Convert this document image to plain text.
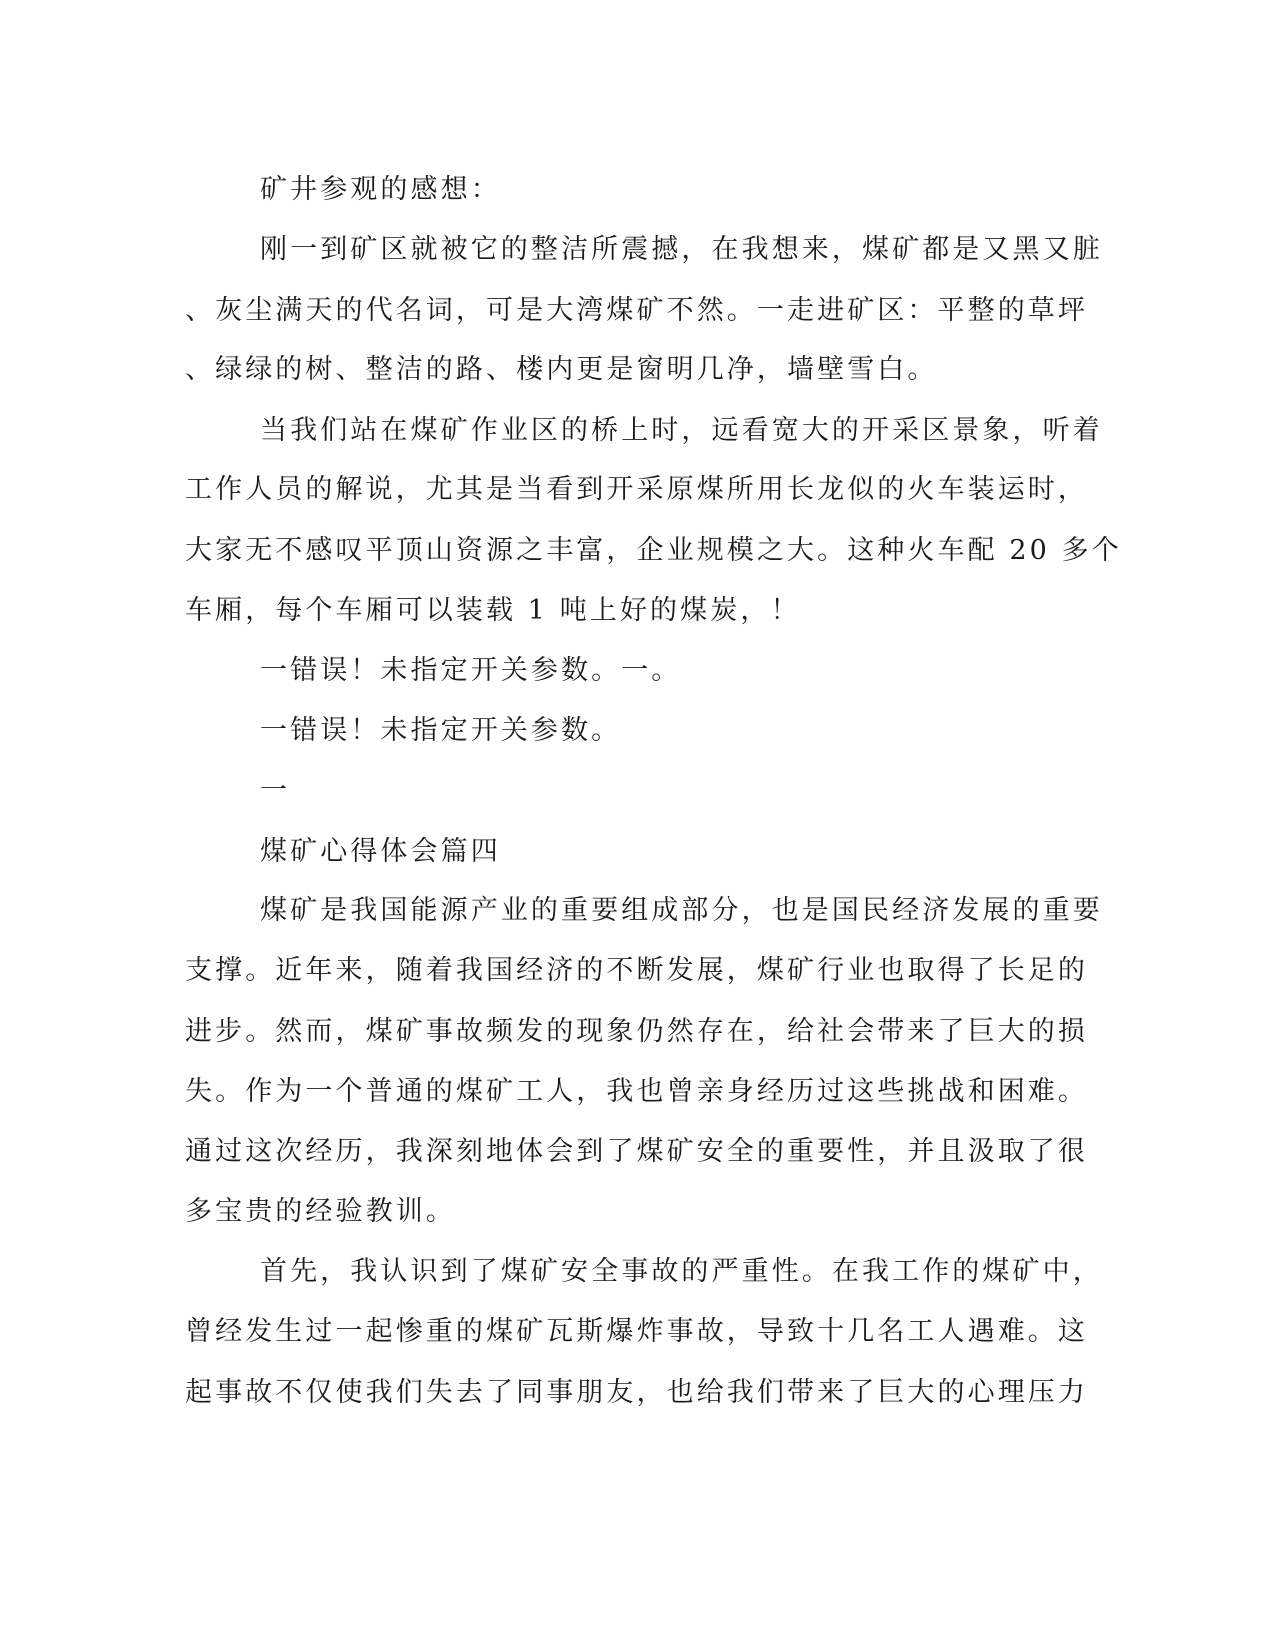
矿井参观的感想：
刚一到矿区就被它的整洁所震撼，在我想来，煤矿都是又黑又脏
、灰尘满天的代名词，可是大湾煤矿不然。一走进矿区：平整的草坪
、绿绿的树、整洁的路、楼内更是窗明几净，墙壁雪白。
当我们站在煤矿作业区的桥上时，远看宽大的开采区景象，听着
工作人员的解说，尤其是当看到开采原煤所用长龙似的火车装运时，
大家无不感叹平顶山资源之丰富，企业规模之大。这种火车配 20 多个
车厢，每个车厢可以装载 1 吨上好的煤炭，！
一错误！未指定开关参数。一。
一错误！未指定开关参数。
一
煤矿心得体会篇四
煤矿是我国能源产业的重要组成部分，也是国民经济发展的重要
支撑。近年来，随着我国经济的不断发展，煤矿行业也取得了长足的
进步。然而，煤矿事故频发的现象仍然存在，给社会带来了巨大的损
失。作为一个普通的煤矿工人，我也曾亲身经历过这些挑战和困难。
通过这次经历，我深刻地体会到了煤矿安全的重要性，并且汲取了很
多宝贵的经验教训。
首先，我认识到了煤矿安全事故的严重性。在我工作的煤矿中，
曾经发生过一起惨重的煤矿瓦斯爆炸事故，导致十几名工人遇难。这
起事故不仅使我们失去了同事朋友，也给我们带来了巨大的心理压力
